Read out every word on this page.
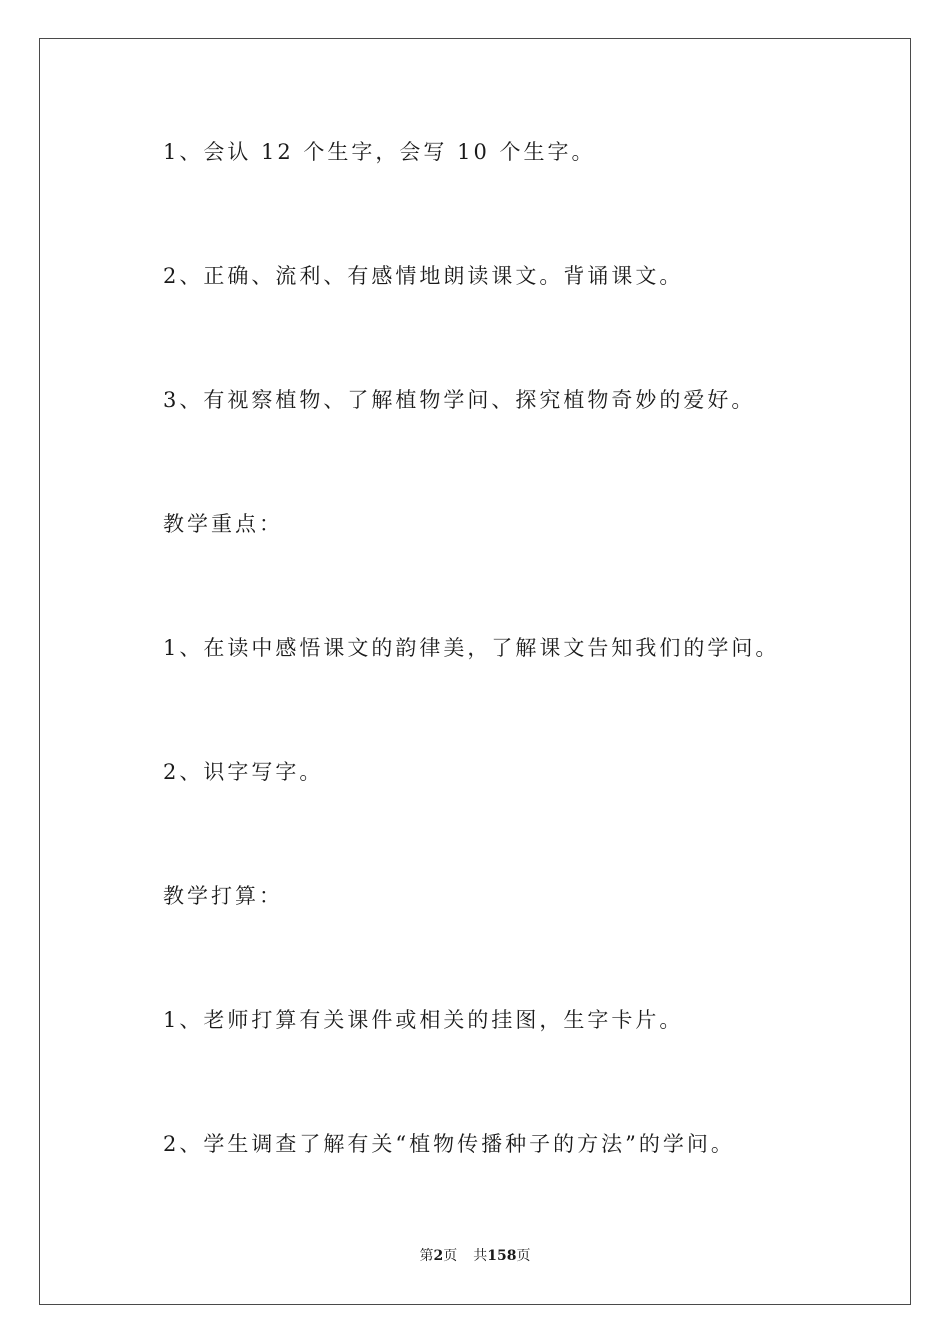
1、会认 12 个生字，会写 10 个生字。
2、正确、流利、有感情地朗读课文。背诵课文。
3、有视察植物、了解植物学问、探究植物奇妙的爱好。
教学重点：
1、在读中感悟课文的韵律美，了解课文告知我们的学问。
2、识字写字。
教学打算：
1、老师打算有关课件或相关的挂图，生字卡片。
2、学生调查了解有关“植物传播种子的方法”的学问。
第2页 共158页
